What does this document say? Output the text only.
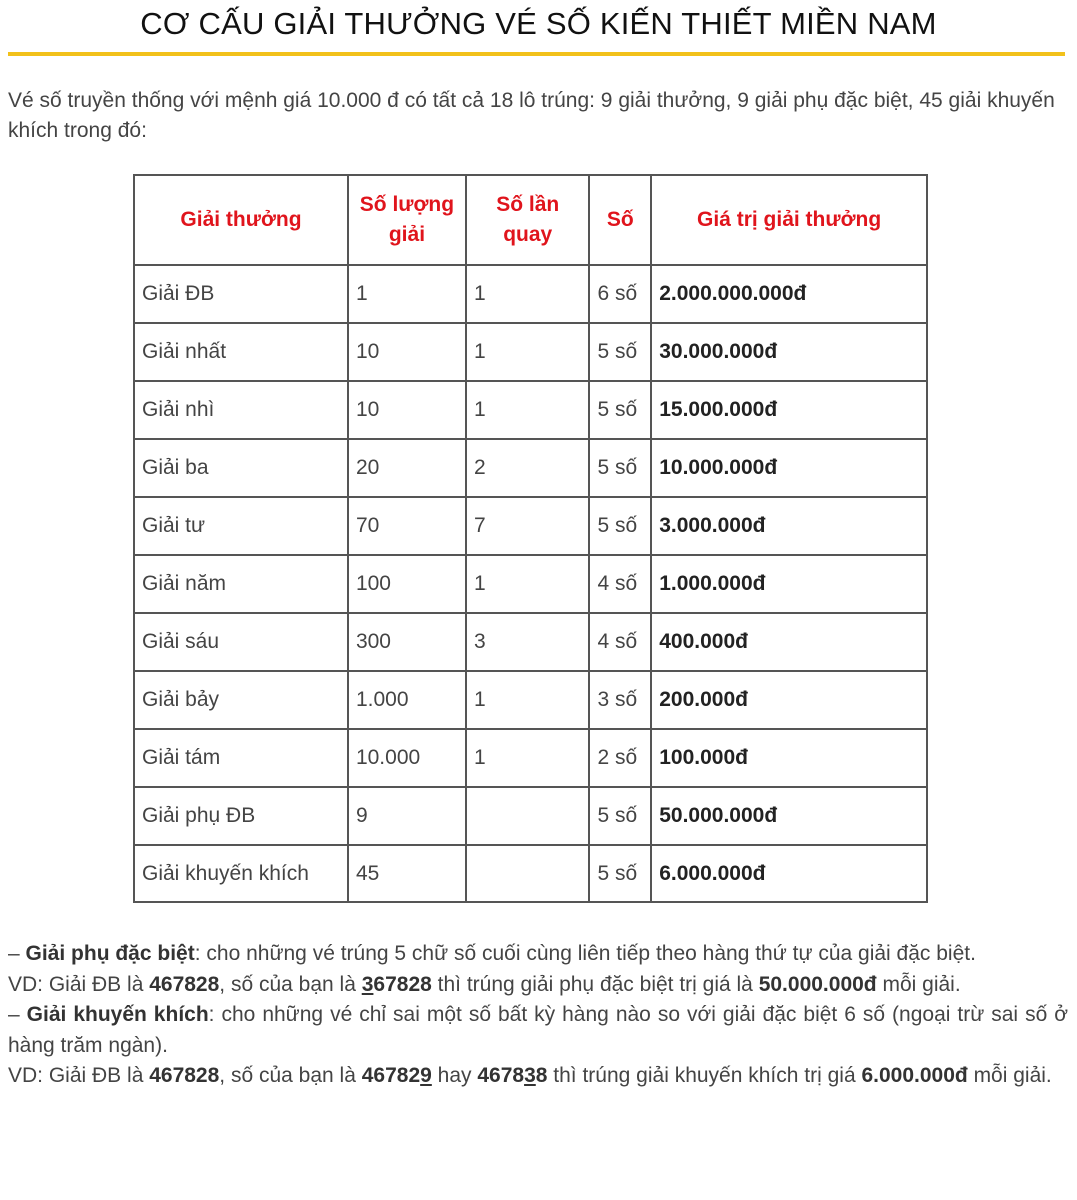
CƠ CẤU GIẢI THƯỞNG VÉ SỐ KIẾN THIẾT MIỀN NAM
Vé số truyền thống với mệnh giá 10.000 đ có tất cả 18 lô trúng: 9 giải thưởng, 9 giải phụ đặc biệt, 45 giải khuyến khích trong đó:
Giải thưởng	Số lượng giải	Số lần quay	Số	Giá trị giải thưởng
Giải ĐB	1	1	6 số	2.000.000.000đ
Giải nhất	10	1	5 số	30.000.000đ
Giải nhì	10	1	5 số	15.000.000đ
Giải ba	20	2	5 số	10.000.000đ
Giải tư	70	7	5 số	3.000.000đ
Giải năm	100	1	4 số	1.000.000đ
Giải sáu	300	3	4 số	400.000đ
Giải bảy	1.000	1	3 số	200.000đ
Giải tám	10.000	1	2 số	100.000đ
Giải phụ ĐB	9		5 số	50.000.000đ
Giải khuyến khích	45		5 số	6.000.000đ

– Giải phụ đặc biệt: cho những vé trúng 5 chữ số cuối cùng liên tiếp theo hàng thứ tự của giải đặc biệt.

VD: Giải ĐB là 467828, số của bạn là 367828 thì trúng giải phụ đặc biệt trị giá là 50.000.000đ mỗi giải.

– Giải khuyến khích: cho những vé chỉ sai một số bất kỳ hàng nào so với giải đặc biệt 6 số (ngoại trừ sai số ở hàng trăm ngàn).

VD: Giải ĐB là 467828, số của bạn là 467829 hay 467838 thì trúng giải khuyến khích trị giá 6.000.000đ mỗi giải.
